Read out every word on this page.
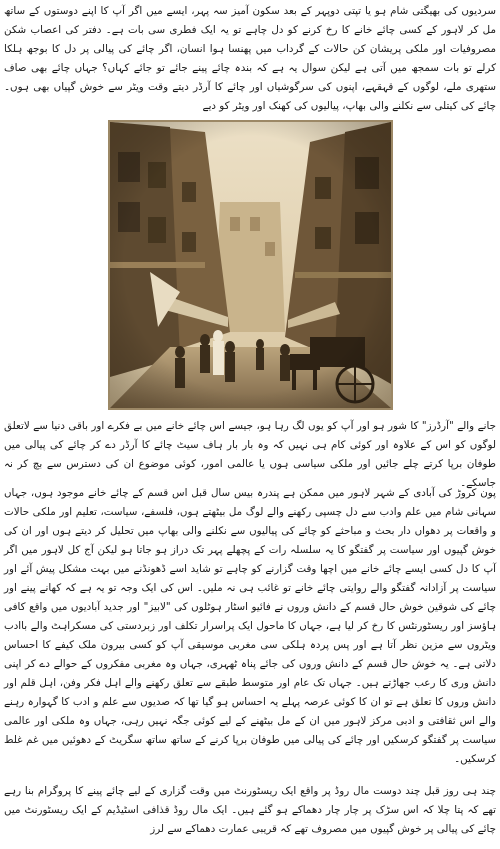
سردیوں کی بھیگتی شام ہو یا تپتی دوپہر کے بعد سکون آمیز سہ پہر، ایسے میں اگر آپ کا اپنے دوستوں کے ساتھ مل کر لاہور کے کسی چائے خانے کا رخ کرنے کو دل چاہے تو یہ ایک فطری سی بات ہے۔ دفتر کی اعصاب شکن مصروفیات اور ملکی پریشان کن حالات کے گرداب میں پھنسا ہوا انسان، اگر چائے کی پیالی پر دل کا بوجھ ہلکا کرلے تو بات سمجھ میں آتی ہے لیکن سوال یہ ہے کہ بندہ چائے پینے جائے تو جائے کہاں؟ جہاں چائے بھی صاف ستھری ملے، لوگوں کے قہقہے، اپنوں کی سرگوشیاں اور چائے کا آرڈر دیتے وقت ویٹر سے خوش گپیاں بھی ہوں۔ چائے کی کیتلی سے نکلنے والی بھاپ، پیالیوں کی کھنک اور ویٹر کو دیے

جانے والے "آرڈرز" کا شور ہو اور آپ کو یوں لگ رہا ہو، جیسے اس چائے خانے میں بے فکرے اور باقی دنیا سے لاتعلق لوگوں کو اس کے علاوہ اور کوئی کام ہی نہیں کہ وہ بار بار ہاف سیٹ چائے کا آرڈر دے کر چائے کی پیالی میں طوفان برپا کرتے چلے جائیں اور ملکی سیاسی ہوں یا عالمی امور، کوئی موضوع ان کی دسترس سے بچ کر نہ جاسکے۔

پون کروڑ کی آبادی کے شہر لاہور میں ممکن ہے پندرہ بیس سال قبل اس قسم کے چائے خانے موجود ہوں، جہاں سہانی شام میں علم وادب سے دل چسپی رکھنے والے لوگ مل بیٹھتے ہوں، فلسفے، سیاست، تعلیم اور ملکی حالات و واقعات پر دھواں دار بحث و مباحثے کو چائے کی پیالیوں سے نکلنے والی بھاپ میں تحلیل کر دیتے ہوں اور ان کی خوش گپیوں اور سیاست پر گفتگو کا یہ سلسلہ رات کے پچھلے پہر تک دراز ہو جاتا ہو لیکن آج کل لاہور میں اگر آپ کا دل کسی ایسے چائے خانے میں اچھا وقت گزارنے کو چاہے تو شاید اسے ڈھونڈنے میں بہت مشکل پیش آئے اور سیاست پر آزادانہ گفتگو والے روایتی چائے خانے تو غائب ہی نہ ملیں۔ اس کی ایک وجہ تو یہ ہے کہ کھانے پینے اور چائے کی شوقین خوش حال قسم کے دانش وروں نے فائیو اسٹار ہوٹلوں کی "لابیز" اور جدید آبادیوں میں واقع کافی ہاؤسز اور ریسٹورنٹس کا رخ کر لیا ہے، جہاں کا ماحول ایک پراسرار تکلف اور زبردستی کی مسکراہٹ والے باادب ویٹروں سے مزین نظر آتا ہے اور پس پردہ ہلکی سی مغربی موسیقی آپ کو کسی بیرون ملک کیفے کا احساس دلاتی ہے۔ یہ خوش حال قسم کے دانش وروں کی جائے پناہ ٹھہری، جہاں وہ مغربی مفکروں کے حوالے دے کر اپنی دانش وری کا رعب جھاڑتے ہیں۔ جہاں تک عام اور متوسط طبقے سے تعلق رکھنے والے اہل فکر وفن، اہل قلم اور دانش وروں کا تعلق ہے تو ان کا کوئی عرصہ پہلے یہ احساس ہو گیا تھا کہ صدیوں سے علم و ادب کا گہوارہ رہنے والے اس ثقافتی و ادبی مرکز لاہور میں ان کے مل بیٹھنے کے لیے کوئی جگہ نہیں رہی، جہاں وہ ملکی اور عالمی سیاست پر گفتگو کرسکیں اور چائے کی پیالی میں طوفان برپا کرنے کے ساتھ ساتھ سگریٹ کے دھوئیں میں غم غلط کرسکیں۔

چند ہی روز قبل چند دوست مال روڈ پر واقع ایک ریسٹورنٹ میں وقت گزاری کے لیے چائے پینے کا پروگرام بنا رہے تھے کہ پتا چلا کہ اس سڑک پر چار چار دھماکے ہو گئے ہیں۔ ایک مال روڈ قذافی اسٹیڈیم کے ایک ریسٹورنٹ میں چائے کی پیالی پر خوش گپیوں میں مصروف تھے کہ قریبی عمارت دھماکے سے لرز
